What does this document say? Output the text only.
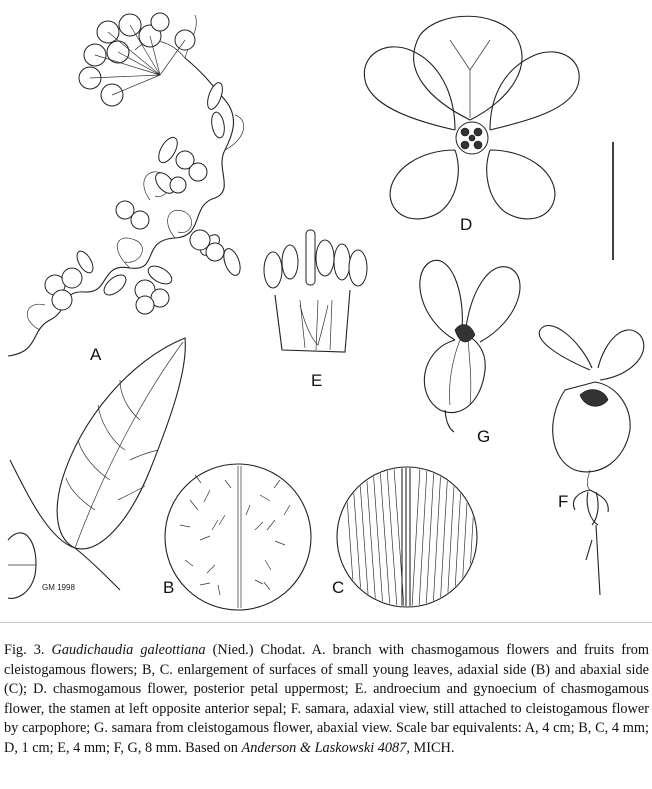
GM 1998
A
B	C
D
E
F
G

Fig. 3. Gaudichaudia galeottiana (Nied.) Chodat. A. branch with chasmogamous flowers and fruits from cleistogamous flowers; B, C. enlargement of surfaces of small young leaves, adaxial side (B) and abaxial side (C); D. chasmogamous flower, posterior petal uppermost; E. androecium and gynoecium of chasmogamous flower, the stamen at left opposite anterior sepal; F. samara, adaxial view, still attached to cleistogamous flower by carpophore; G. samara from cleistogamous flower, abaxial view. Scale bar equivalents: A, 4 cm; B, C, 4 mm; D, 1 cm; E, 4 mm; F, G, 8 mm. Based on Anderson & Laskowski 4087, MICH.
